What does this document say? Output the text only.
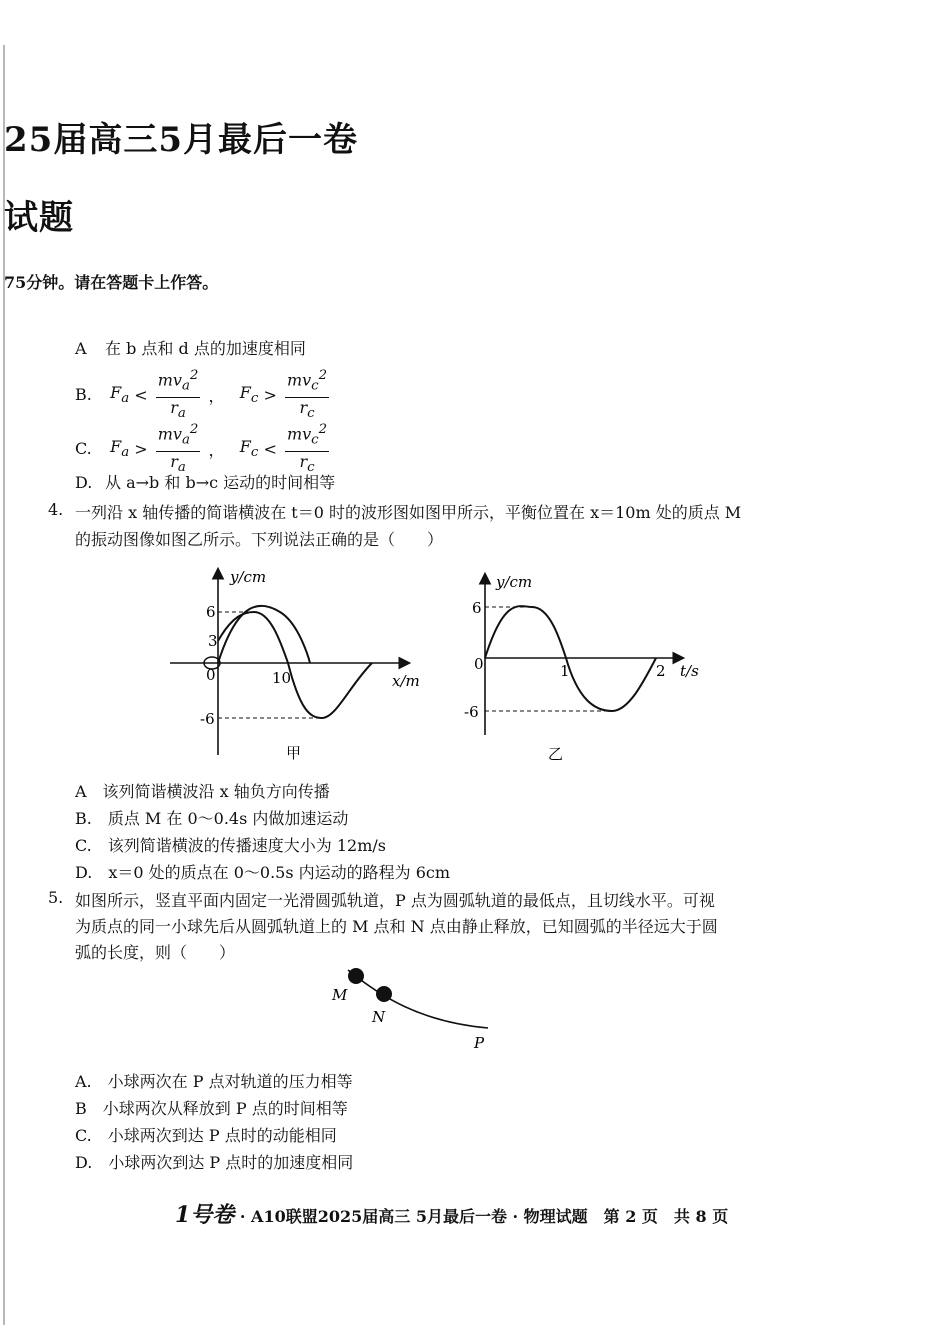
25届高三5月最后一卷
试题
75分钟。请在答题卡上作答。
A 在 b 点和 d 点的加速度相同
B. $F_a < \frac{mv_a^2}{r_a}$ ，   $F_c > \frac{mv_c^2}{r_c}$
C. $F_a > \frac{mv_a^2}{r_a}$ ，   $F_c < \frac{mv_c^2}{r_c}$
D. 从 a→b 和 b→c 运动的时间相等
4. 一列沿 x 轴传播的简谐横波在 t＝0 时的波形图如图甲所示，平衡位置在 x＝10m 处的质点 M
的振动图像如图乙所示。下列说法正确的是（　　）
y/cm
6
3
0	10
-6
x/m
甲
y/cm
6
0	1	2
-6
t/s
乙
A　该列简谐横波沿 x 轴负方向传播
B.　质点 M 在 0～0.4s 内做加速运动
C.　该列简谐横波的传播速度大小为 12m/s
D.　x＝0 处的质点在 0～0.5s 内运动的路程为 6cm
5. 如图所示，竖直平面内固定一光滑圆弧轨道，P 点为圆弧轨道的最低点，且切线水平。可视
为质点的同一小球先后从圆弧轨道上的 M 点和 N 点由静止释放，已知圆弧的半径远大于圆
弧的长度，则（　　）
M
N
P
A.　小球两次在 P 点对轨道的压力相等
B　小球两次从释放到 P 点的时间相等
C.　小球两次到达 P 点时的动能相同
D.　小球两次到达 P 点时的加速度相同
1号卷 · A10联盟2025届高三 5月最后一卷 · 物理试题　第 2 页　共 8 页
